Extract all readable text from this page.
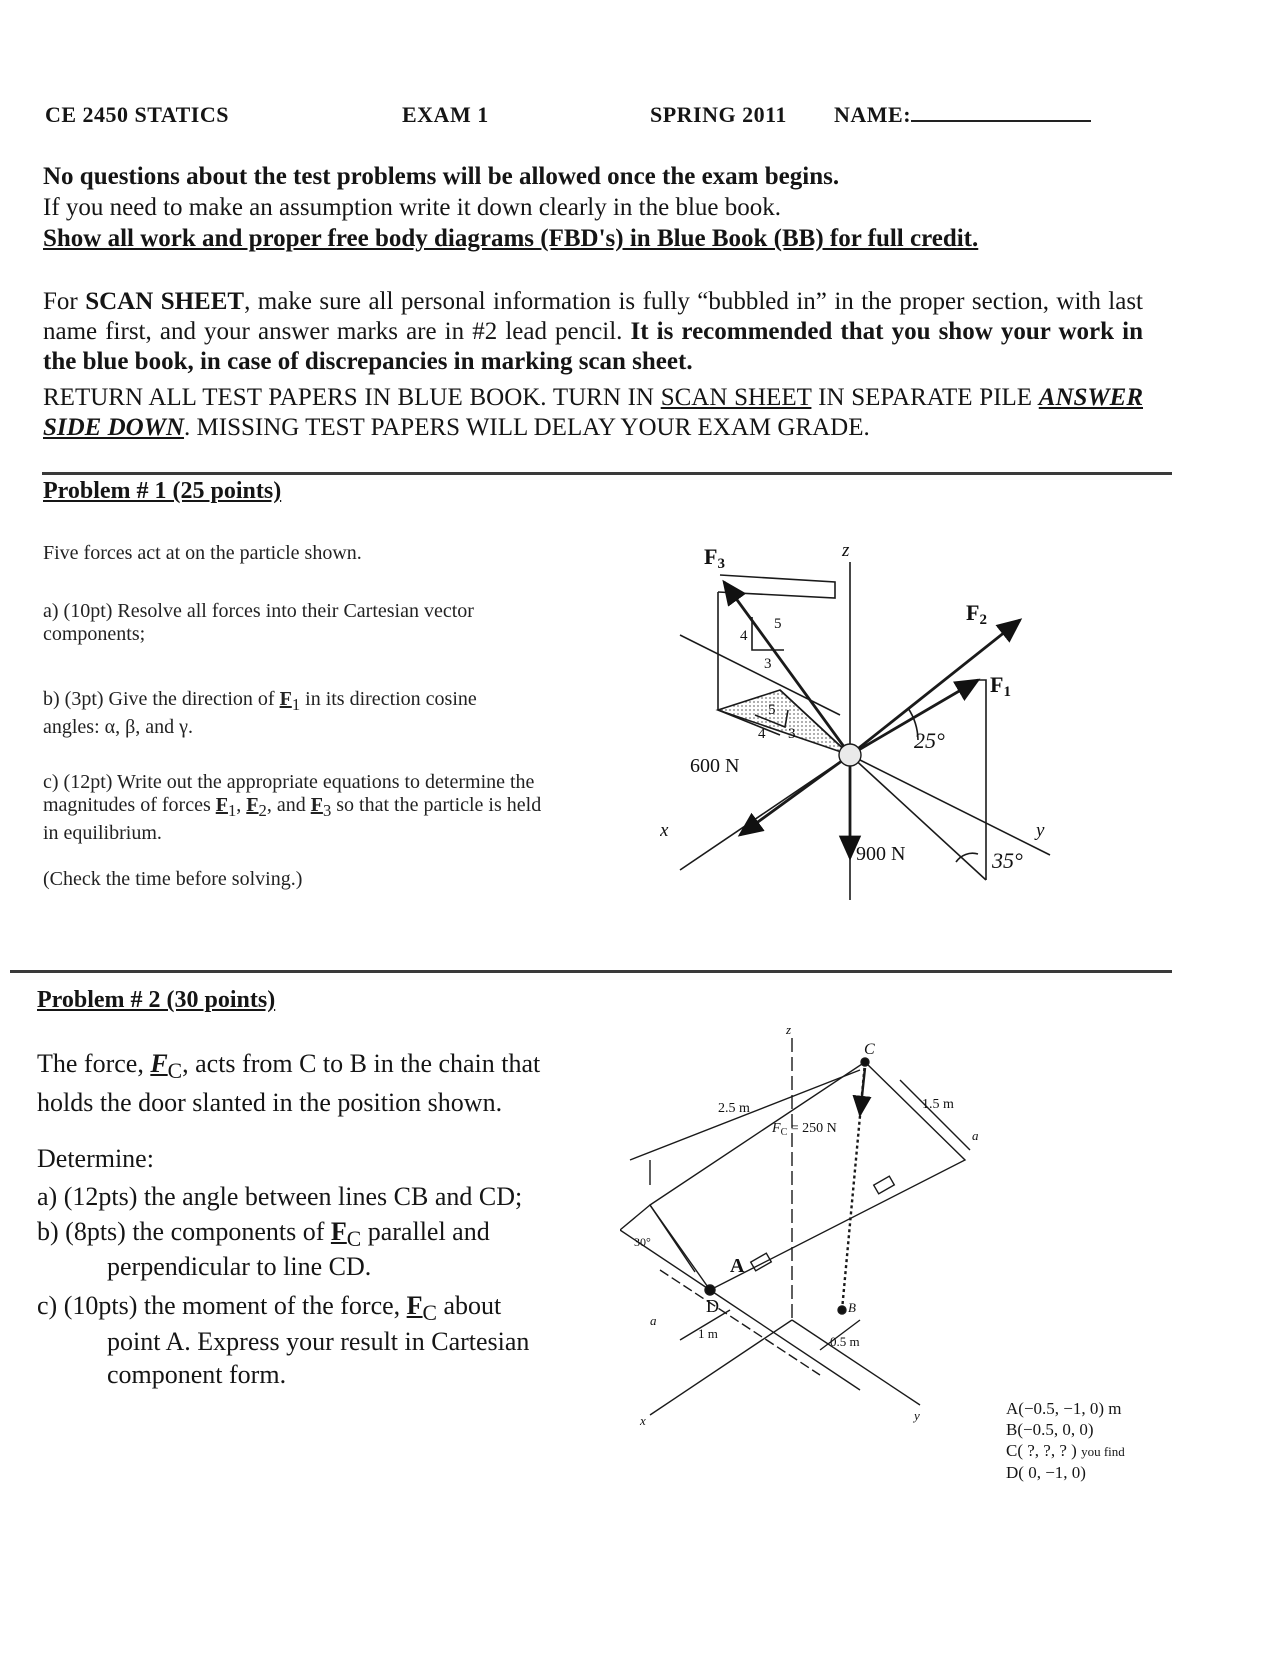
CE 2450 STATICS	EXAM 1	SPRING 2011 NAME:
No questions about the test problems will be allowed once the exam begins.
If you need to make an assumption write it down clearly in the blue book.
Show all work and proper free body diagrams (FBD's) in Blue Book (BB) for full credit.
For SCAN SHEET, make sure all personal information is fully “bubbled in” in the proper section, with last name first, and your answer marks are in #2 lead pencil. It is recommended that you show your work in the blue book, in case of discrepancies in marking scan sheet.
RETURN ALL TEST PAPERS IN BLUE BOOK. TURN IN SCAN SHEET IN SEPARATE PILE ANSWER SIDE DOWN. MISSING TEST PAPERS WILL DELAY YOUR EXAM GRADE.
Problem # 1 (25 points)
Five forces act at on the particle shown.
a) (10pt) Resolve all forces into their Cartesian vector components;
b) (3pt) Give the direction of $F_1$ in its direction cosine angles: α, β, and γ.
c) (12pt) Write out the appropriate equations to determine the magnitudes of forces $F_1$, $F_2$, and $F_3$ so that the particle is held in equilibrium.
(Check the time before solving.)
z
x	y
F3
F2
F1
4
5
3
5
4 3
600 N
900 N
25°
35°
Problem # 2 (30 points)
The force, $F_C$, acts from C to B in the chain that holds the door slanted in the position shown.
Determine:
a) (12pts) the angle between lines CB and CD;
b) (8pts) the components of $F_C$ parallel and
perpendicular to line CD.
c) (10pts) the moment of the force, $F_C$ about
point A. Express your result in Cartesian
component form.
z
x	y
a
a
C
D
A
B
2.5 m	1.5 m
1 m
0.5 m
$F_C = 250$ N
30°
A(−0.5, −1, 0) m
B(−0.5, 0, 0)
C( ?, ?, ? ) you find
D( 0, −1, 0)
